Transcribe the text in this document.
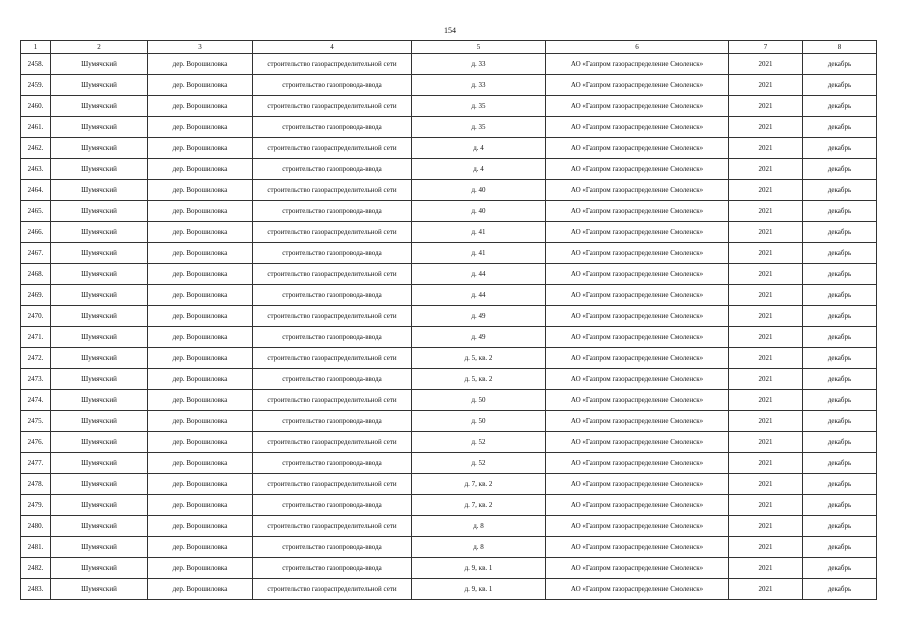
154
1	2	3	4	5	6	7	8
2458.	Шумячский	дер. Ворошиловка	строительство газораспределительной сети	д. 33	АО «Газпром газораспределение Смоленск»	2021	декабрь
2459.	Шумячский	дер. Ворошиловка	строительство газопровода-ввода	д. 33	АО «Газпром газораспределение Смоленск»	2021	декабрь
2460.	Шумячский	дер. Ворошиловка	строительство газораспределительной сети	д. 35	АО «Газпром газораспределение Смоленск»	2021	декабрь
2461.	Шумячский	дер. Ворошиловка	строительство газопровода-ввода	д. 35	АО «Газпром газораспределение Смоленск»	2021	декабрь
2462.	Шумячский	дер. Ворошиловка	строительство газораспределительной сети	д. 4	АО «Газпром газораспределение Смоленск»	2021	декабрь
2463.	Шумячский	дер. Ворошиловка	строительство газопровода-ввода	д. 4	АО «Газпром газораспределение Смоленск»	2021	декабрь
2464.	Шумячский	дер. Ворошиловка	строительство газораспределительной сети	д. 40	АО «Газпром газораспределение Смоленск»	2021	декабрь
2465.	Шумячский	дер. Ворошиловка	строительство газопровода-ввода	д. 40	АО «Газпром газораспределение Смоленск»	2021	декабрь
2466.	Шумячский	дер. Ворошиловка	строительство газораспределительной сети	д. 41	АО «Газпром газораспределение Смоленск»	2021	декабрь
2467.	Шумячский	дер. Ворошиловка	строительство газопровода-ввода	д. 41	АО «Газпром газораспределение Смоленск»	2021	декабрь
2468.	Шумячский	дер. Ворошиловка	строительство газораспределительной сети	д. 44	АО «Газпром газораспределение Смоленск»	2021	декабрь
2469.	Шумячский	дер. Ворошиловка	строительство газопровода-ввода	д. 44	АО «Газпром газораспределение Смоленск»	2021	декабрь
2470.	Шумячский	дер. Ворошиловка	строительство газораспределительной сети	д. 49	АО «Газпром газораспределение Смоленск»	2021	декабрь
2471.	Шумячский	дер. Ворошиловка	строительство газопровода-ввода	д. 49	АО «Газпром газораспределение Смоленск»	2021	декабрь
2472.	Шумячский	дер. Ворошиловка	строительство газораспределительной сети	д. 5, кв. 2	АО «Газпром газораспределение Смоленск»	2021	декабрь
2473.	Шумячский	дер. Ворошиловка	строительство газопровода-ввода	д. 5, кв. 2	АО «Газпром газораспределение Смоленск»	2021	декабрь
2474.	Шумячский	дер. Ворошиловка	строительство газораспределительной сети	д. 50	АО «Газпром газораспределение Смоленск»	2021	декабрь
2475.	Шумячский	дер. Ворошиловка	строительство газопровода-ввода	д. 50	АО «Газпром газораспределение Смоленск»	2021	декабрь
2476.	Шумячский	дер. Ворошиловка	строительство газораспределительной сети	д. 52	АО «Газпром газораспределение Смоленск»	2021	декабрь
2477.	Шумячский	дер. Ворошиловка	строительство газопровода-ввода	д. 52	АО «Газпром газораспределение Смоленск»	2021	декабрь
2478.	Шумячский	дер. Ворошиловка	строительство газораспределительной сети	д. 7, кв. 2	АО «Газпром газораспределение Смоленск»	2021	декабрь
2479.	Шумячский	дер. Ворошиловка	строительство газопровода-ввода	д. 7, кв. 2	АО «Газпром газораспределение Смоленск»	2021	декабрь
2480.	Шумячский	дер. Ворошиловка	строительство газораспределительной сети	д. 8	АО «Газпром газораспределение Смоленск»	2021	декабрь
2481.	Шумячский	дер. Ворошиловка	строительство газопровода-ввода	д. 8	АО «Газпром газораспределение Смоленск»	2021	декабрь
2482.	Шумячский	дер. Ворошиловка	строительство газопровода-ввода	д. 9, кв. 1	АО «Газпром газораспределение Смоленск»	2021	декабрь
2483.	Шумячский	дер. Ворошиловка	строительство газораспределительной сети	д. 9, кв. 1	АО «Газпром газораспределение Смоленск»	2021	декабрь
